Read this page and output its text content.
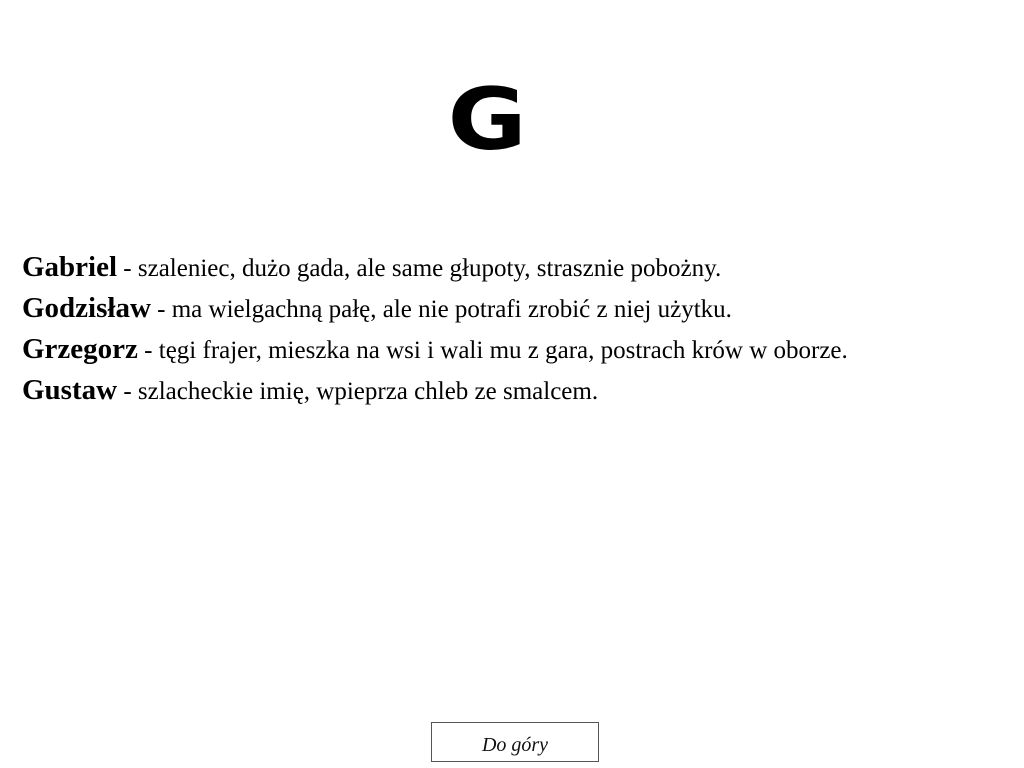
G

Gabriel - szaleniec, dużo gada, ale same głupoty, strasznie pobożny.

Godzisław - ma wielgachną pałę, ale nie potrafi zrobić z niej użytku.

Grzegorz - tęgi frajer, mieszka na wsi i wali mu z gara, postrach krów w oborze.

Gustaw - szlacheckie imię, wpieprza chleb ze smalcem.

Do góry
